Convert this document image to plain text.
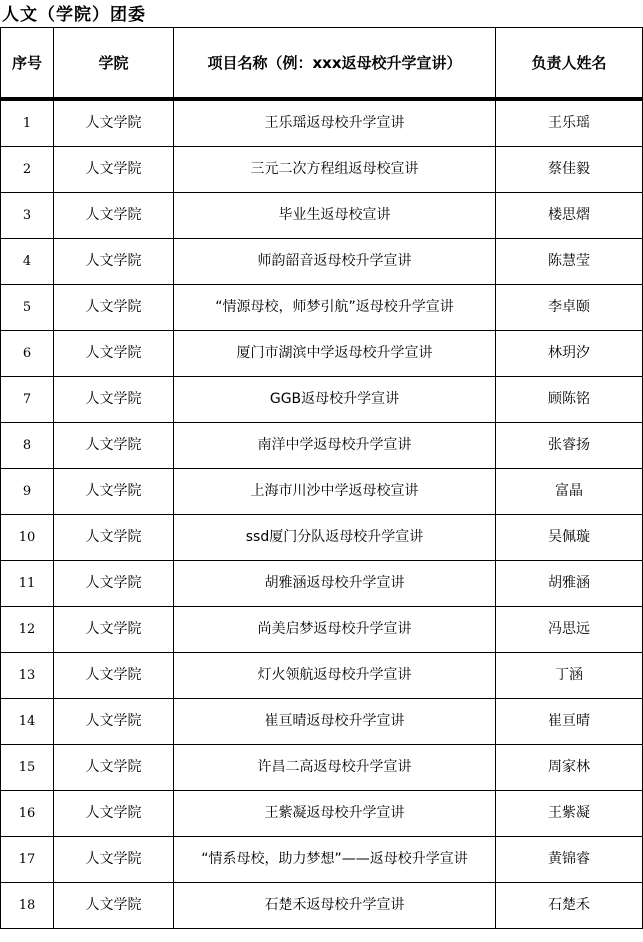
人文（学院）团委
序号	学院	项目名称（例：xxx返母校升学宣讲）	负责人姓名
1	人文学院	王乐瑶返母校升学宣讲	王乐瑶
2	人文学院	三元二次方程组返母校宣讲	蔡佳毅
3	人文学院	毕业生返母校宣讲	楼思熠
4	人文学院	师韵韶音返母校升学宣讲	陈慧莹
5	人文学院	“情源母校，师梦引航”返母校升学宣讲	李卓颐
6	人文学院	厦门市湖滨中学返母校升学宣讲	林玥汐
7	人文学院	GGB返母校升学宣讲	顾陈铭
8	人文学院	南洋中学返母校升学宣讲	张睿扬
9	人文学院	上海市川沙中学返母校宣讲	富晶
10	人文学院	ssd厦门分队返母校升学宣讲	吴佩璇
11	人文学院	胡雅涵返母校升学宣讲	胡雅涵
12	人文学院	尚美启梦返母校升学宣讲	冯思远
13	人文学院	灯火领航返母校升学宣讲	丁涵
14	人文学院	崔亘晴返母校升学宣讲	崔亘晴
15	人文学院	许昌二高返母校升学宣讲	周家林
16	人文学院	王紫凝返母校升学宣讲	王紫凝
17	人文学院	“情系母校，助力梦想”——返母校升学宣讲	黄锦睿
18	人文学院	石楚禾返母校升学宣讲	石楚禾
